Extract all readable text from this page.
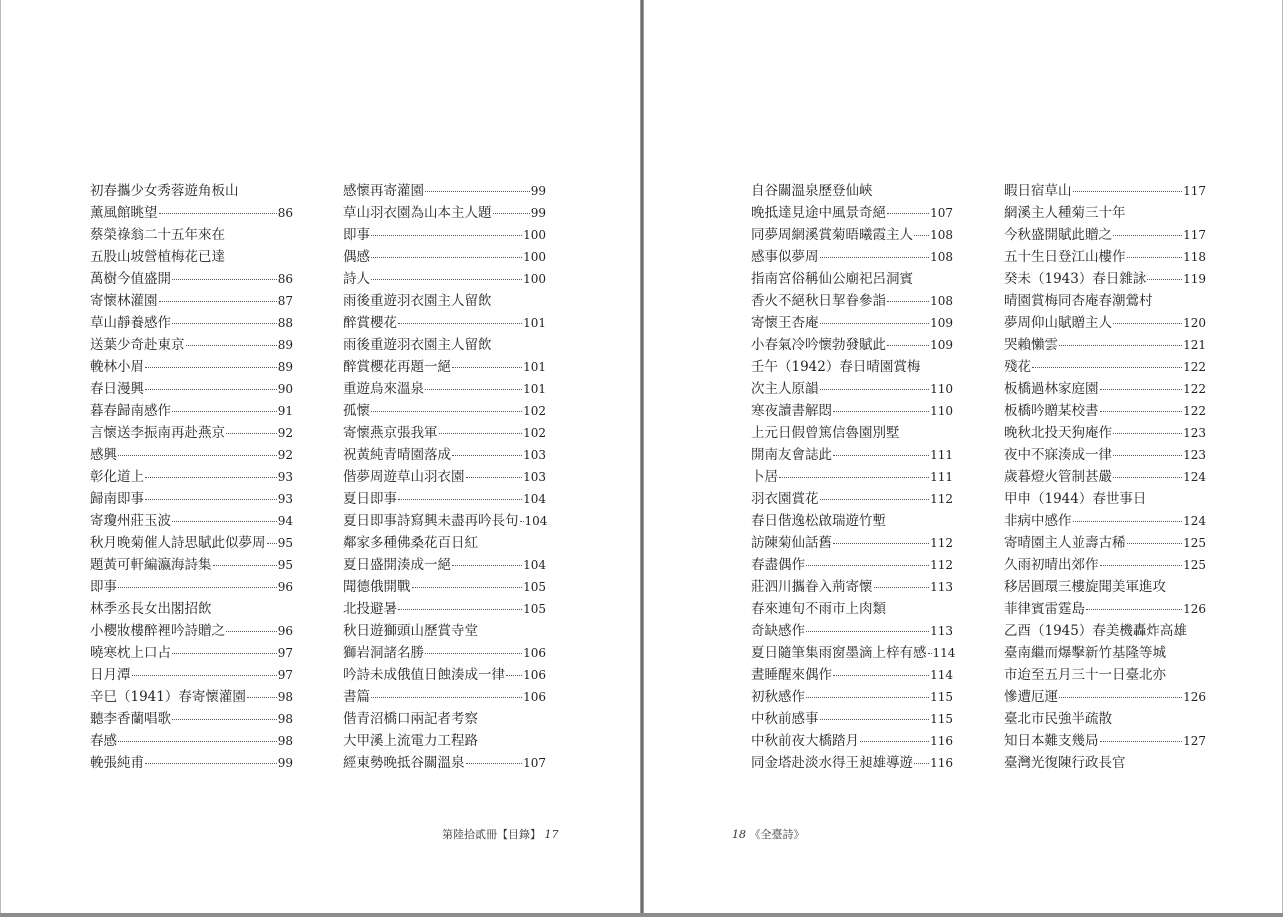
初春攜少女秀蓉遊角板山
薰風館眺望	86
蔡榮祿翁二十五年來在
五股山坡營植梅花已達
萬樹今值盛開	86
寄懷林灌園	87
草山靜養感作	88
送葉少奇赴東京	89
輓林小眉	89
春日漫興	90
暮春歸南感作	91
言懷送李振南再赴燕京	92
感興	92
彰化道上	93
歸南即事	93
寄瓊州莊玉波	94
秋月晚菊催人詩思賦此似夢周 95
題黃可軒編瀛海詩集	95
即事	96
林季丞長女出閣招飲
小櫻妝樓醉裡吟詩贈之	96
曉寒枕上口占	97
日月潭	97
辛巳（1941）春寄懷灌園	98
聽李香蘭唱歌	98
春感	98
輓張純甫	99
感懷再寄灌園	99
草山羽衣園為山本主人題	99
即事	100
偶感	100
詩人	100
雨後重遊羽衣園主人留飲
醉賞櫻花	101
雨後重遊羽衣園主人留飲
醉賞櫻花再題一絕	101
重遊烏來溫泉	101
孤懷	102
寄懷燕京張我軍	102
祝黃純青晴園落成	103
偕夢周遊草山羽衣園	103
夏日即事	104
夏日即事詩寫興未盡再吟長句 104
鄰家多種佛桑花百日紅
夏日盛開湊成一絕	104
聞德俄開戰	105
北投避暑	105
秋日遊獅頭山歷賞寺堂
獅岩洞諸名勝	106
吟詩未成俄值日蝕湊成一律 106
書篇	106
偕青沼橋口兩記者考察
大甲溪上流電力工程路
經東勢晚抵谷關溫泉	107
第陸拾貳冊【目錄】 17
自谷關溫泉歷登仙峽
晚抵達見途中風景奇絕	107
同夢周網溪賞菊晤曦霞主人 108
感事似夢周	108
指南宮俗稱仙公廟祀呂洞賓
香火不絕秋日挈眷參詣	108
寄懷王杏庵	109
小春氣冷吟懷勃發賦此	109
壬午（1942）春日晴園賞梅
次主人原韻	110
寒夜讀書解悶	110
上元日假曾篤信魯園別墅
開南友會誌此	111
卜居	111
羽衣園賞花	112
春日偕逸松啟瑞遊竹塹
訪陳菊仙話舊	112
春盡偶作	112
莊泗川攜眷入荊寄懷	113
春來連旬不雨市上肉類
奇缺感作	113
夏日隨筆集雨窗墨滴上梓有感 114
晝睡醒來偶作	114
初秋感作	115
中秋前感事	115
中秋前夜大橋踏月	116
同金塔赴淡水得王昶雄導遊 116
暇日宿草山	117
網溪主人種菊三十年
今秋盛開賦此贈之	117
五十生日登江山樓作	118
癸未（1943）春日雜詠	119
晴園賞梅同杏庵春潮鶯村
夢周仰山賦贈主人	120
哭賴懶雲	121
殘花	122
板橋過林家庭園	122
板橋吟贈某校書	122
晚秋北投天狗庵作	123
夜中不寐湊成一律	123
歲暮燈火管制甚嚴	124
甲申（1944）春世事日
非病中感作	124
寄晴園主人並壽古稀	125
久雨初晴出郊作	125
移居圓環三樓旋聞美軍進攻
菲律賓雷霆島	126
乙酉（1945）春美機轟炸高雄
臺南繼而爆擊新竹基隆等城
市迨至五月三十一日臺北亦
慘遭厄運	126
臺北市民強半疏散
知日本難支幾局	127
臺灣光復陳行政長官
18 《全臺詩》
